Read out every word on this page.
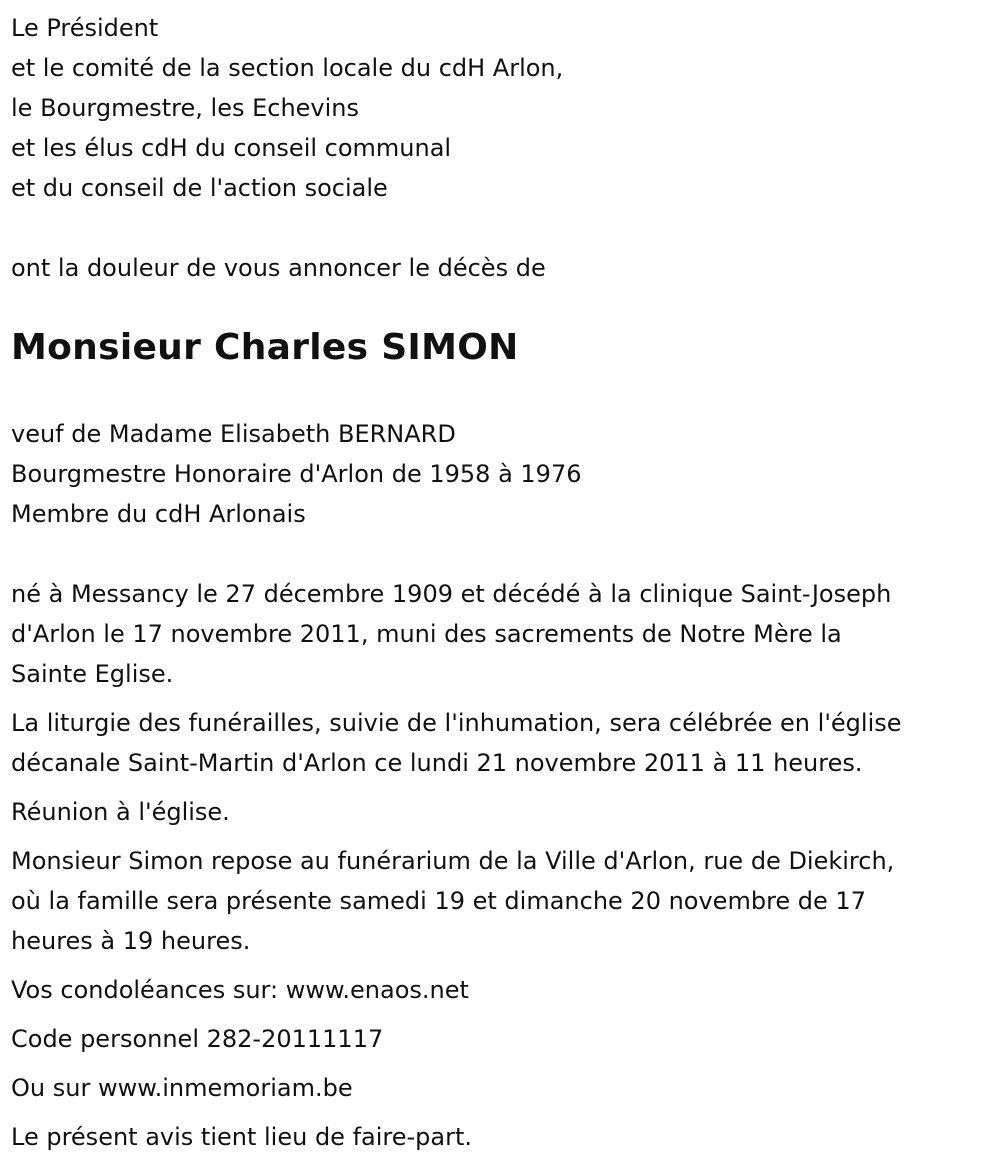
Le Président

et le comité de la section locale du cdH Arlon,

le Bourgmestre, les Echevins

et les élus cdH du conseil communal

et du conseil de l'action sociale

ont la douleur de vous annoncer le décès de

Monsieur Charles SIMON

veuf de Madame Elisabeth BERNARD

Bourgmestre Honoraire d'Arlon de 1958 à 1976

Membre du cdH Arlonais

né à Messancy le 27 décembre 1909 et décédé à la clinique Saint-Joseph
d'Arlon le 17 novembre 2011, muni des sacrements de Notre Mère la
Sainte Eglise.
La liturgie des funérailles, suivie de l'inhumation, sera célébrée en l'église
décanale Saint-Martin d'Arlon ce lundi 21 novembre 2011 à 11 heures.
Réunion à l'église.
Monsieur Simon repose au funérarium de la Ville d'Arlon, rue de Diekirch,
où la famille sera présente samedi 19 et dimanche 20 novembre de 17
heures à 19 heures.
Vos condoléances sur: www.enaos.net
Code personnel 282-20111117
Ou sur www.inmemoriam.be
Le présent avis tient lieu de faire-part.
